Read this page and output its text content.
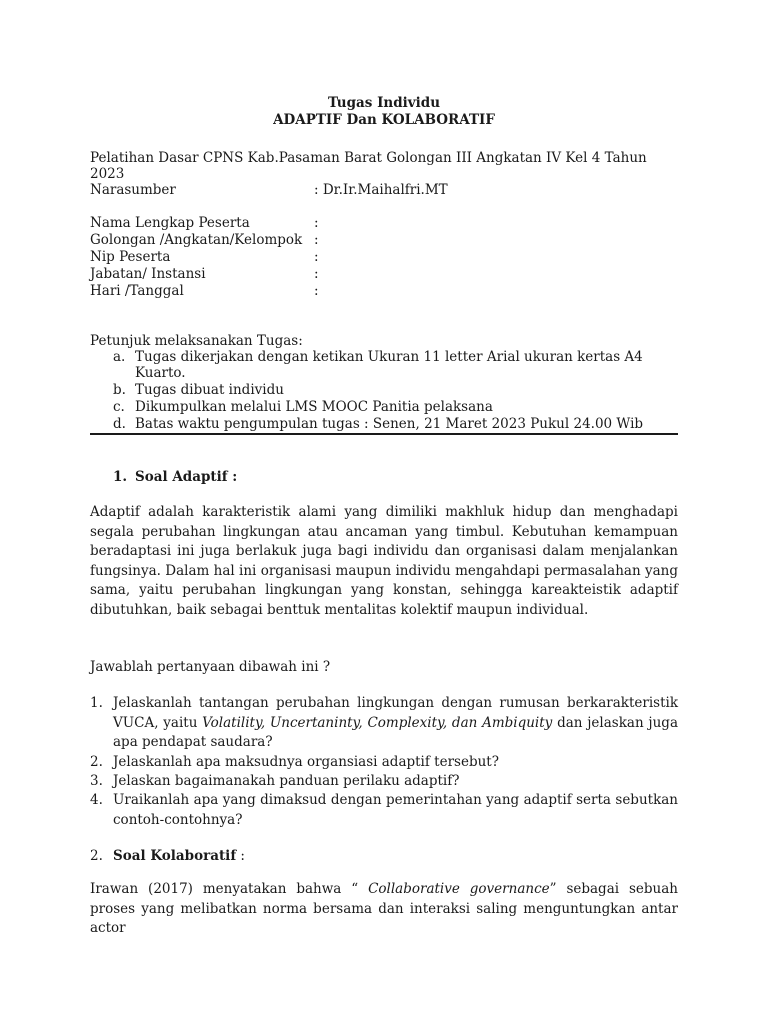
Tugas Individu
ADAPTIF Dan KOLABORATIF
Pelatihan Dasar CPNS Kab.Pasaman Barat Golongan III Angkatan IV Kel 4 Tahun
2023
Narasumber	: Dr.Ir.Maihalfri.MT
Nama Lengkap Peserta	:
Golongan /Angkatan/Kelompok :
Nip Peserta	:
Jabatan/ Instansi	:
Hari /Tanggal	:
Petunjuk melaksanakan Tugas:
a. Tugas dikerjakan dengan ketikan Ukuran 11 letter Arial ukuran kertas A4
Kuarto.
b. Tugas dibuat individu
c. Dikumpulkan melalui LMS MOOC Panitia pelaksana
d. Batas waktu pengumpulan tugas : Senen, 21 Maret 2023 Pukul 24.00 Wib
1. Soal Adaptif :

Adaptif adalah karakteristik alami yang dimiliki makhluk hidup dan menghadapi segala perubahan lingkungan atau ancaman yang timbul. Kebutuhan kemampuan beradaptasi ini juga berlakuk juga bagi individu dan organisasi dalam menjalankan fungsinya. Dalam hal ini organisasi maupun individu mengahdapi permasalahan yang sama, yaitu perubahan lingkungan yang konstan, sehingga kareakteistik adaptif dibutuhkan, baik sebagai benttuk mentalitas kolektif maupun individual.

Jawablah pertanyaan dibawah ini ?
1. Jelaskanlah tantangan perubahan lingkungan dengan rumusan berkarakteristik VUCA, yaitu Volatility, Uncertaninty, Complexity, dan Ambiquity dan jelaskan juga apa pendapat saudara?
2. Jelaskanlah apa maksudnya organsiasi adaptif tersebut?
3. Jelaskan bagaimanakah panduan perilaku adaptif?
4. Uraikanlah apa yang dimaksud dengan pemerintahan yang adaptif serta sebutkan contoh-contohnya?
2. Soal Kolaboratif :

Irawan (2017) menyatakan bahwa “ Collaborative governance” sebagai sebuah proses yang melibatkan norma bersama dan interaksi saling menguntungkan antar actor
